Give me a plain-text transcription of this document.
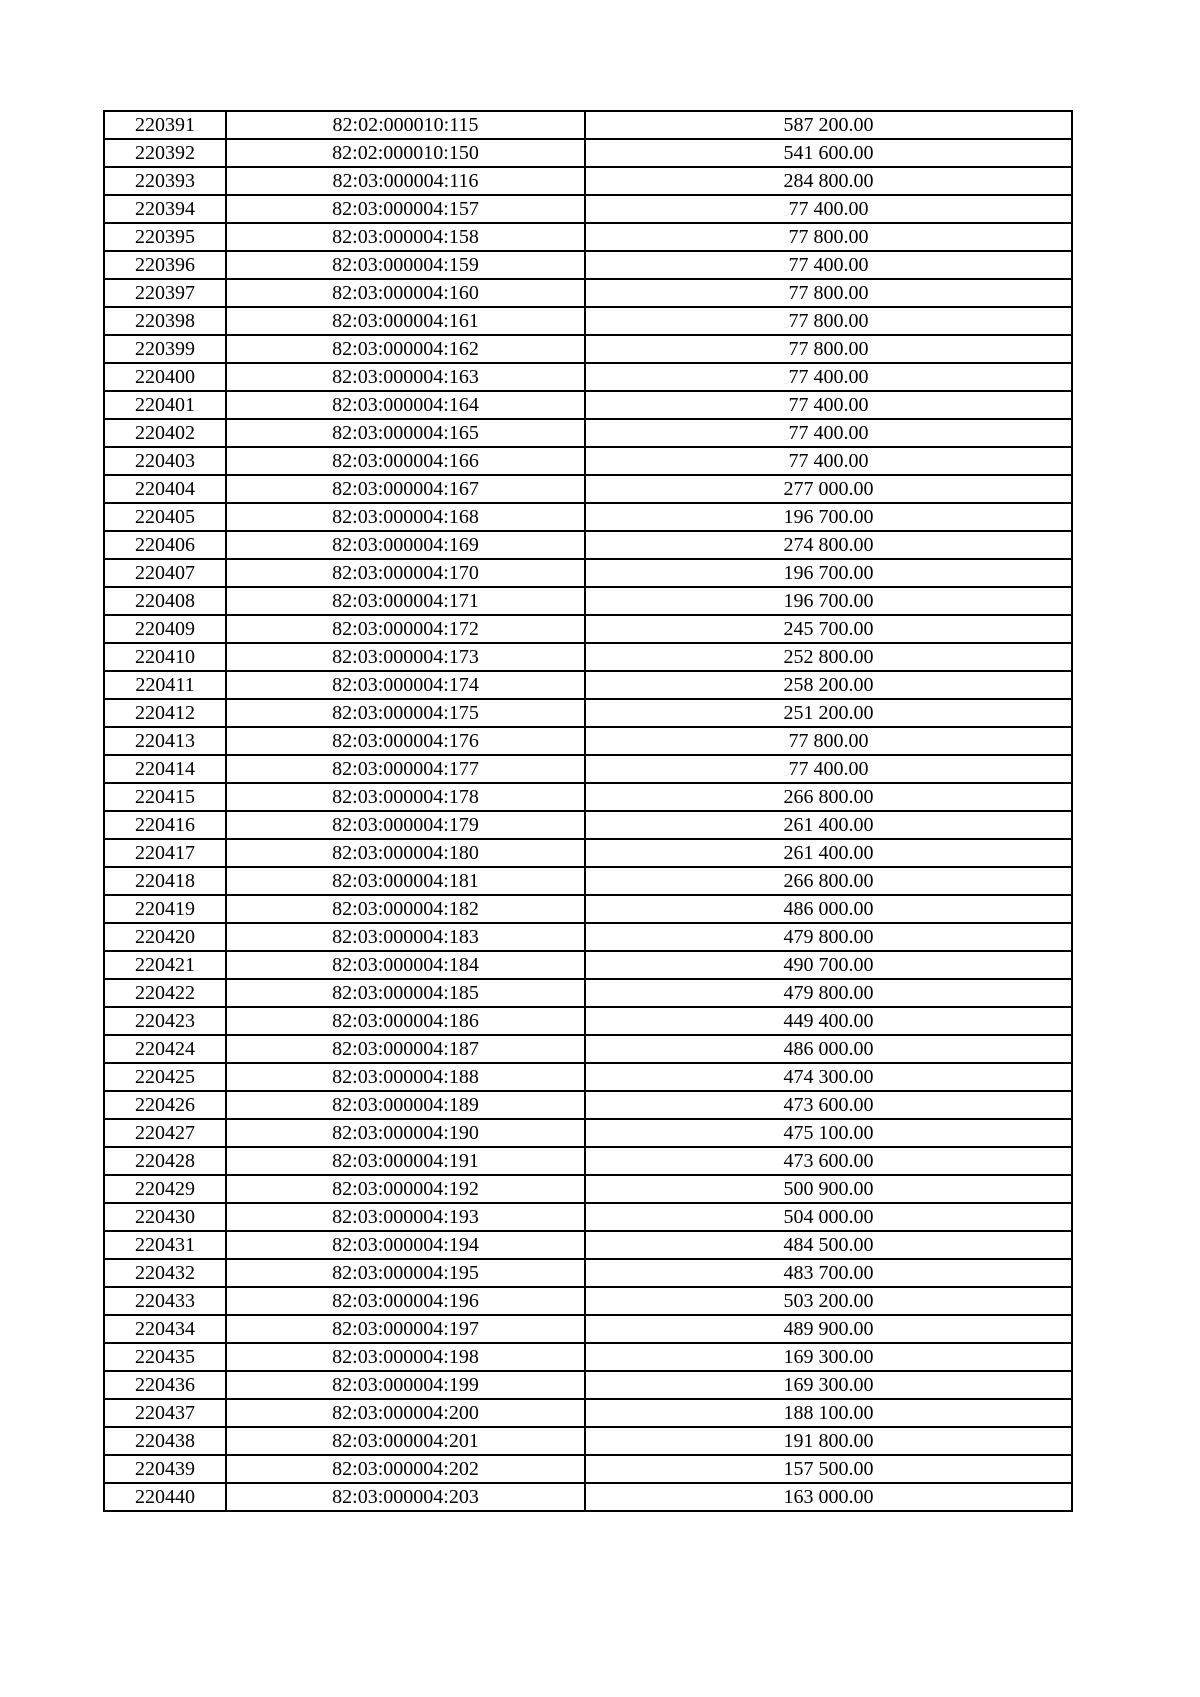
220391	82:02:000010:115	587 200.00
220392	82:02:000010:150	541 600.00
220393	82:03:000004:116	284 800.00
220394	82:03:000004:157	77 400.00
220395	82:03:000004:158	77 800.00
220396	82:03:000004:159	77 400.00
220397	82:03:000004:160	77 800.00
220398	82:03:000004:161	77 800.00
220399	82:03:000004:162	77 800.00
220400	82:03:000004:163	77 400.00
220401	82:03:000004:164	77 400.00
220402	82:03:000004:165	77 400.00
220403	82:03:000004:166	77 400.00
220404	82:03:000004:167	277 000.00
220405	82:03:000004:168	196 700.00
220406	82:03:000004:169	274 800.00
220407	82:03:000004:170	196 700.00
220408	82:03:000004:171	196 700.00
220409	82:03:000004:172	245 700.00
220410	82:03:000004:173	252 800.00
220411	82:03:000004:174	258 200.00
220412	82:03:000004:175	251 200.00
220413	82:03:000004:176	77 800.00
220414	82:03:000004:177	77 400.00
220415	82:03:000004:178	266 800.00
220416	82:03:000004:179	261 400.00
220417	82:03:000004:180	261 400.00
220418	82:03:000004:181	266 800.00
220419	82:03:000004:182	486 000.00
220420	82:03:000004:183	479 800.00
220421	82:03:000004:184	490 700.00
220422	82:03:000004:185	479 800.00
220423	82:03:000004:186	449 400.00
220424	82:03:000004:187	486 000.00
220425	82:03:000004:188	474 300.00
220426	82:03:000004:189	473 600.00
220427	82:03:000004:190	475 100.00
220428	82:03:000004:191	473 600.00
220429	82:03:000004:192	500 900.00
220430	82:03:000004:193	504 000.00
220431	82:03:000004:194	484 500.00
220432	82:03:000004:195	483 700.00
220433	82:03:000004:196	503 200.00
220434	82:03:000004:197	489 900.00
220435	82:03:000004:198	169 300.00
220436	82:03:000004:199	169 300.00
220437	82:03:000004:200	188 100.00
220438	82:03:000004:201	191 800.00
220439	82:03:000004:202	157 500.00
220440	82:03:000004:203	163 000.00
